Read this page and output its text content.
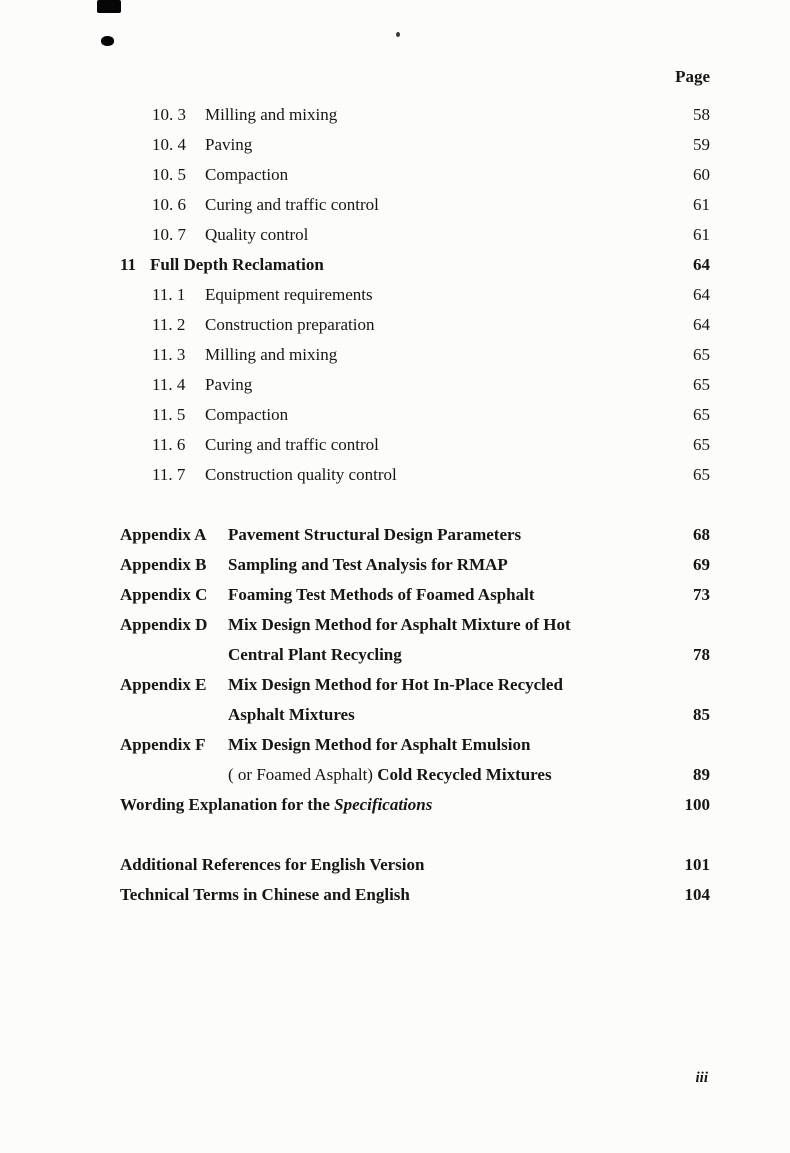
Page
10. 3	Milling and mixing	58
10. 4	Paving	59
10. 5	Compaction	60
10. 6	Curing and traffic control	61
10. 7	Quality control	61
11 Full Depth Reclamation	64
11. 1	Equipment requirements	64
11. 2	Construction preparation	64
11. 3	Milling and mixing	65
11. 4	Paving	65
11. 5	Compaction	65
11. 6	Curing and traffic control	65
11. 7	Construction quality control	65
Appendix A	Pavement Structural Design Parameters	68
Appendix B	Sampling and Test Analysis for RMAP	69
Appendix C	Foaming Test Methods of Foamed Asphalt	73
Appendix D	Mix Design Method for Asphalt Mixture of Hot
Central Plant Recycling	78
Appendix E	Mix Design Method for Hot In-Place Recycled
Asphalt Mixtures	85
Appendix F	Mix Design Method for Asphalt Emulsion
( or Foamed Asphalt) Cold Recycled Mixtures	89
Wording Explanation for the Specifications	100
Additional References for English Version	101
Technical Terms in Chinese and English	104
iii
